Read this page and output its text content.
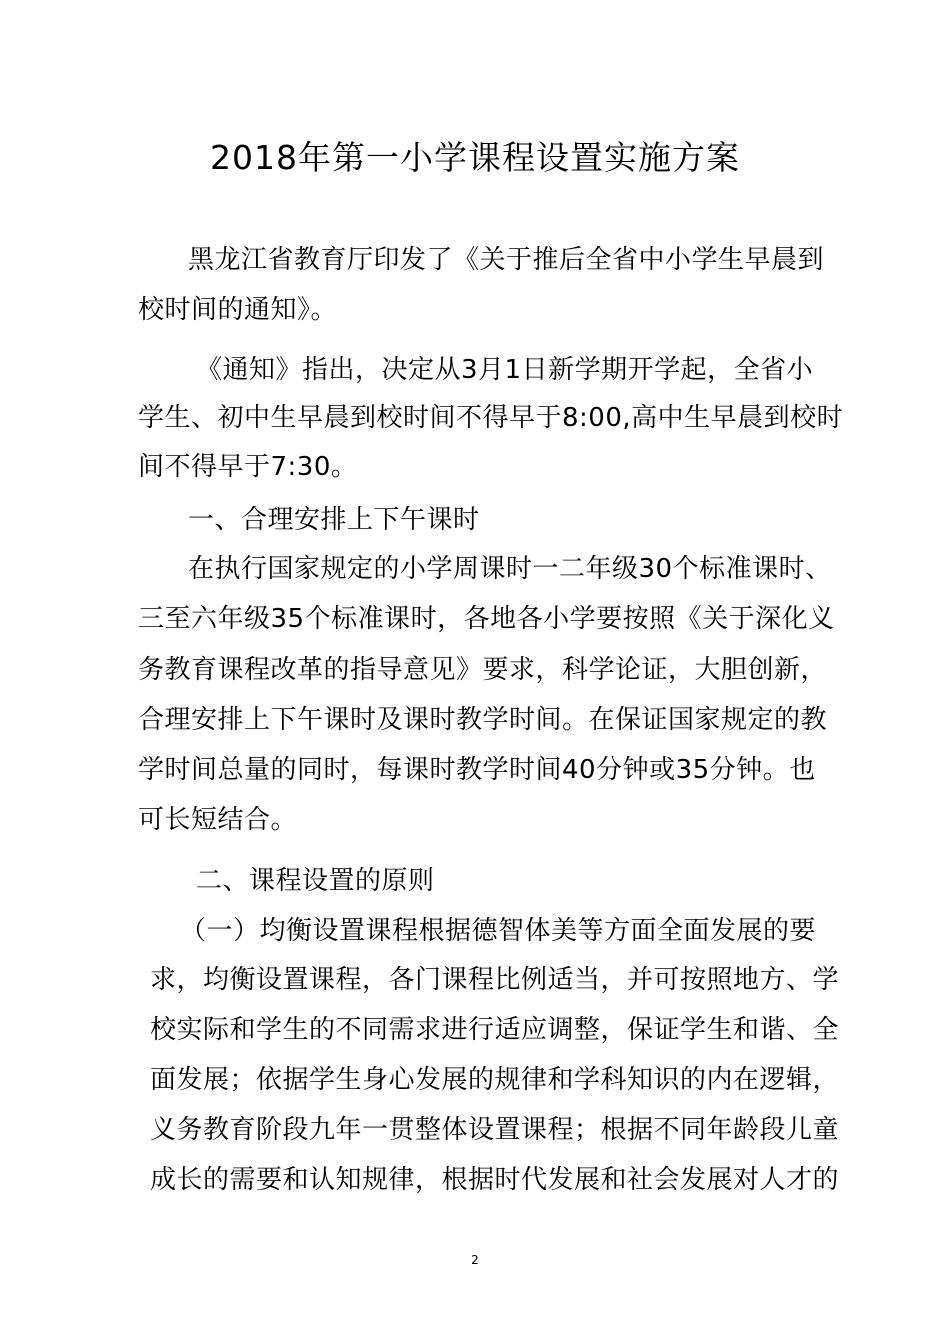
2018年第一小学课程设置实施方案
黑龙江省教育厅印发了《关于推后全省中小学生早晨到
校时间的通知》。
《通知》指出，决定从3月1日新学期开学起，全省小
学生、初中生早晨到校时间不得早于8:00,高中生早晨到校时
间不得早于7:30。
一、合理安排上下午课时
在执行国家规定的小学周课时一二年级30个标准课时、
三至六年级35个标准课时，各地各小学要按照《关于深化义
务教育课程改革的指导意见》要求，科学论证，大胆创新，
合理安排上下午课时及课时教学时间。在保证国家规定的教
学时间总量的同时，每课时教学时间40分钟或35分钟。也
可长短结合。
二、课程设置的原则
（一）均衡设置课程根据德智体美等方面全面发展的要
求，均衡设置课程，各门课程比例适当，并可按照地方、学
校实际和学生的不同需求进行适应调整，保证学生和谐、全
面发展；依据学生身心发展的规律和学科知识的内在逻辑，
义务教育阶段九年一贯整体设置课程；根据不同年龄段儿童
成长的需要和认知规律，根据时代发展和社会发展对人才的
2
